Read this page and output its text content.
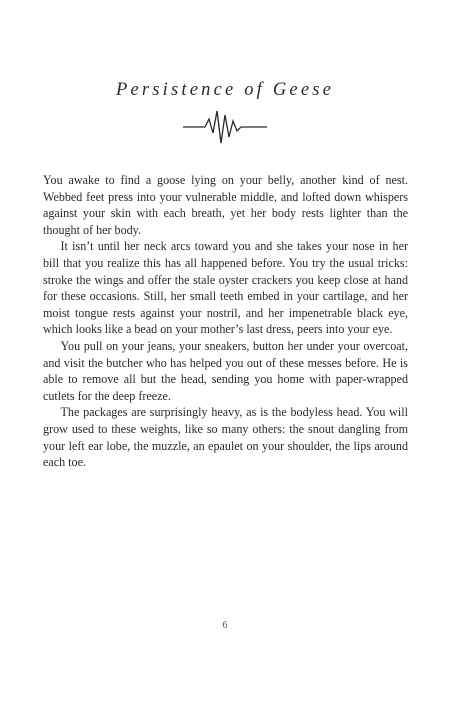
Persistence of Geese

You awake to find a goose lying on your belly, another kind of nest. Webbed feet press into your vulnerable middle, and lofted down whispers against your skin with each breath, yet her body rests lighter than the thought of her body.

It isn’t until her neck arcs toward you and she takes your nose in her bill that you realize this has all happened before. You try the usual tricks: stroke the wings and offer the stale oyster crackers you keep close at hand for these occasions. Still, her small teeth embed in your cartilage, and her moist tongue rests against your nostril, and her impenetrable black eye, which looks like a bead on your mother’s last dress, peers into your eye.

You pull on your jeans, your sneakers, button her under your overcoat, and visit the butcher who has helped you out of these messes before. He is able to remove all but the head, sending you home with paper-wrapped cutlets for the deep freeze.

The packages are surprisingly heavy, as is the bodyless head. You will grow used to these weights, like so many others: the snout dangling from your left ear lobe, the muzzle, an epaulet on your shoulder, the lips around each toe.

6
